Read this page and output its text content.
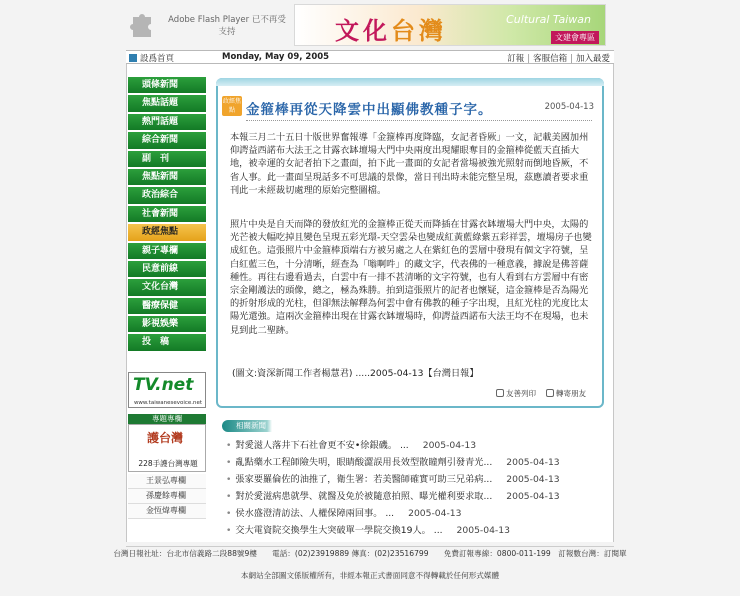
Adobe Flash Player 已不再受
支持	文化台灣	Cultural Taiwan
文建會專區
設爲首頁	Monday, May 09, 2005	訂報 | 客服信箱 | 加入最愛
頭條新聞
焦點話題
熱門話題
綜合新聞
副　刊
焦點新聞
政治綜合
社會新聞
政經焦點
親子專欄
民意前線
文化台灣
醫療保健
影視娛樂
投　稿
TV.net
www.taiwanesevoice.net
專題專欄
護台灣
228手護台灣專題
王景弘專欄
孫慶餘專欄
金恆煒專欄
政經焦點 金箍棒再從天降雲中出顯佛教種子字。	2005-04-13
本報三月二十五日十版世界奮報導「金箍棒再度降臨，女記者昏厥」一文，記載美國加州仰諤益西諾布大法王之甘露衣缽壇場大門中央兩度出現耀眼奪目的金箍棒從藍天直插大地，被幸運的女記者拍下之畫面，拍下此一畫面的女記者當場被強光照射而倒地昏厥，不省人事。此一畫面呈現話多不可思議的景像，當日刊出時未能完整呈現，茲應讀者要求重刊此一未經裁切處理的原始完整圖檔。
照片中央是自天而降的發放紅光的金箍棒正從天而降插在甘露衣缽壇場大門中央，太陽的光芒被大幅吃掉且變色呈現五彩光環-天空雲朵也變成紅黃藍綠紫五彩祥雲，壇場房子也變成紅色。這張照片中金箍棒頂端右方被另處之人在紫紅色的雲層中發現有個文字符號，呈白紅藍三色，十分清晰，經查為「嗡啊吽」的藏文字，代表佛的一種意義，據說是佛菩薩種性。再往右邊看過去，白雲中有一排不甚清晰的文字符號，也有人看到右方雲層中有密宗金剛護法的頭像，總之，極為殊勝。拍到這張照片的記者也懷疑，這金箍棒是否為陽光的折射形成的光柱，但卻無法解釋為何雲中會有佛教的種子字出現，且紅光柱的光度比太陽光還強。這兩次金箍棒出現在甘露衣缽壇場時，仰諤益西諾布大法王均不在現場，也未見到此二聖跡。
(圖文:資深新聞工作者楊慧君) .....2005-04-13【台灣日報】
友善列印	轉寄朋友
相關新聞
• 對愛滋人落井下石社會更不安•徐銀磯。 ... 2005-04-13
• 亂點藥水工程師險失明，眼睛酸澀誤用長效型散瞳劑引發青光... 2005-04-13
• 張家要羅倫佐的油推了，衛生署：若美醫師確實可助三兄弟病... 2005-04-13
• 對於愛滋病患就學、就醫及免於被隨意拍照、曝光權利要求取... 2005-04-13
• 侯水盛澄清訪法、人權保障兩回事。 ... 2005-04-13
• 交大電資院交換學生大突破單一學院交換19人。 ... 2005-04-13
台灣日報社址：台北市信義路二段88號9樓　　電話：(02)23919889 傳真：(02)23516799　　免費訂報專線：0800-011-199　訂報數台灣：訂閱單
本網站全部圖文係版權所有，非經本報正式書面同意不得轉載於任何形式媒體
